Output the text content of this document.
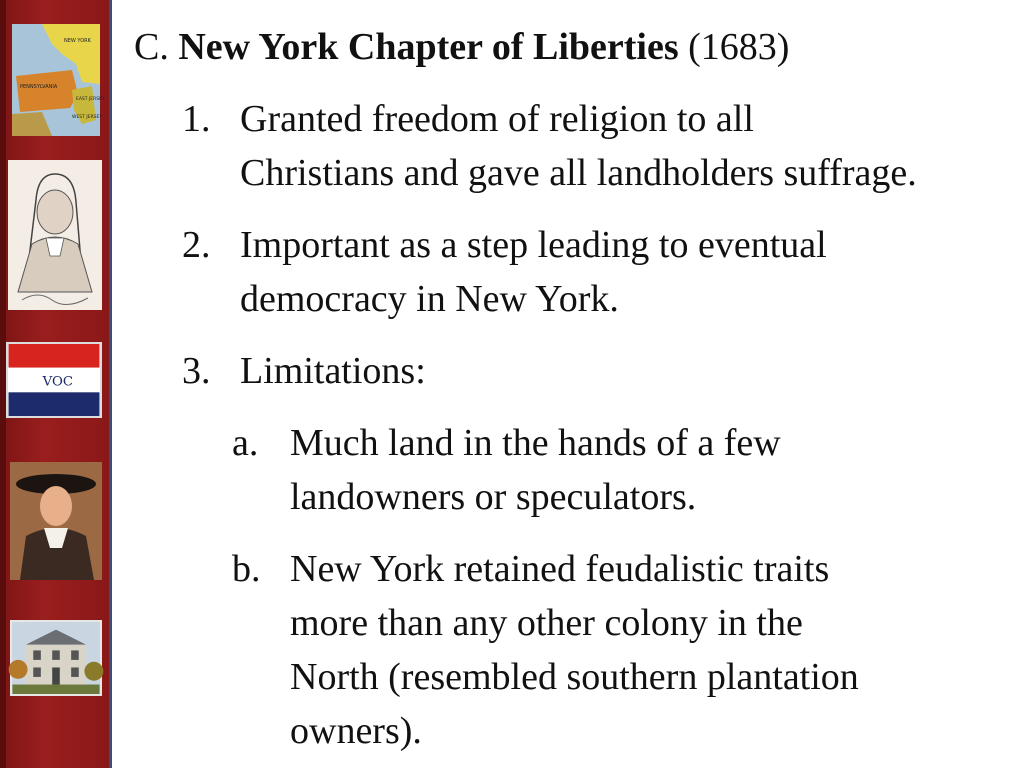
PENNSYLVANIA
EAST JERSEY
WEST JERSEY
NEW YORK
VOC
C. New York Chapter of Liberties (1683)
1. Granted freedom of religion to all
Christians and gave all landholders suffrage.
2. Important as a step leading to eventual
democracy in New York.
3. Limitations:
a. Much land in the hands of a few
landowners or speculators.
b. New York retained feudalistic traits
more than any other colony in the
North (resembled southern plantation
owners).
